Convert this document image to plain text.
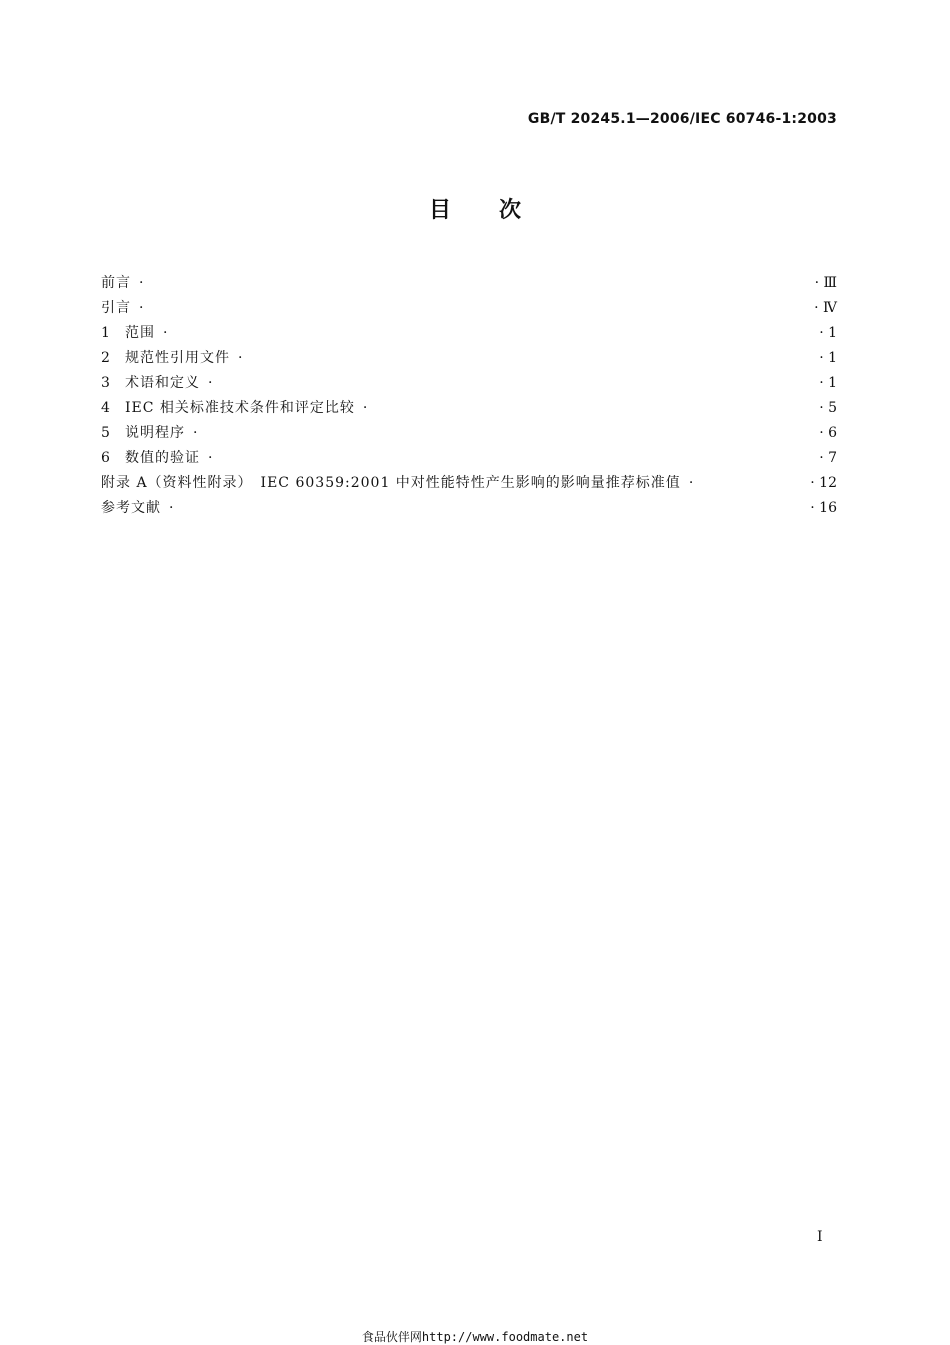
GB/T 20245.1—2006/IEC 60746-1:2003
目次
前言 ·	· Ⅲ
引言 ·	· Ⅳ
1	范围 ·	· 1
2	规范性引用文件 ·	· 1
3	术语和定义 ·	· 1
4	IEC 相关标准技术条件和评定比较 ·	· 5
5	说明程序 ·	· 6
6	数值的验证 ·	· 7
附录 A（资料性附录）　IEC 60359:2001 中对性能特性产生影响的影响量推荐标准值 ·	· 12
参考文献 ·	· 16
I
食品伙伴网http://www.foodmate.net
